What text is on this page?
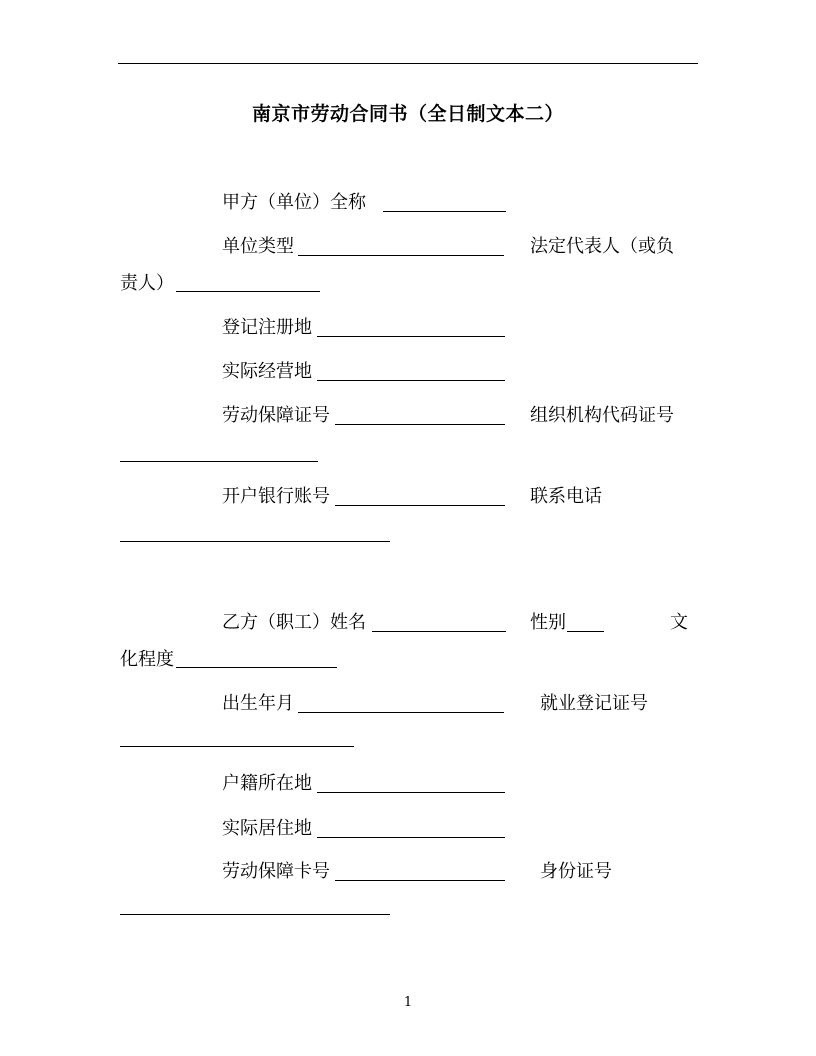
南京市劳动合同书（全日制文本二）
甲方（单位）全称
单位类型	法定代表人（或负
责人）
登记注册地
实际经营地
劳动保障证号	组织机构代码证号
开户银行账号	联系电话
乙方（职工）姓名	性别	文
化程度
出生年月	就业登记证号
户籍所在地
实际居住地
劳动保障卡号	身份证号
1
